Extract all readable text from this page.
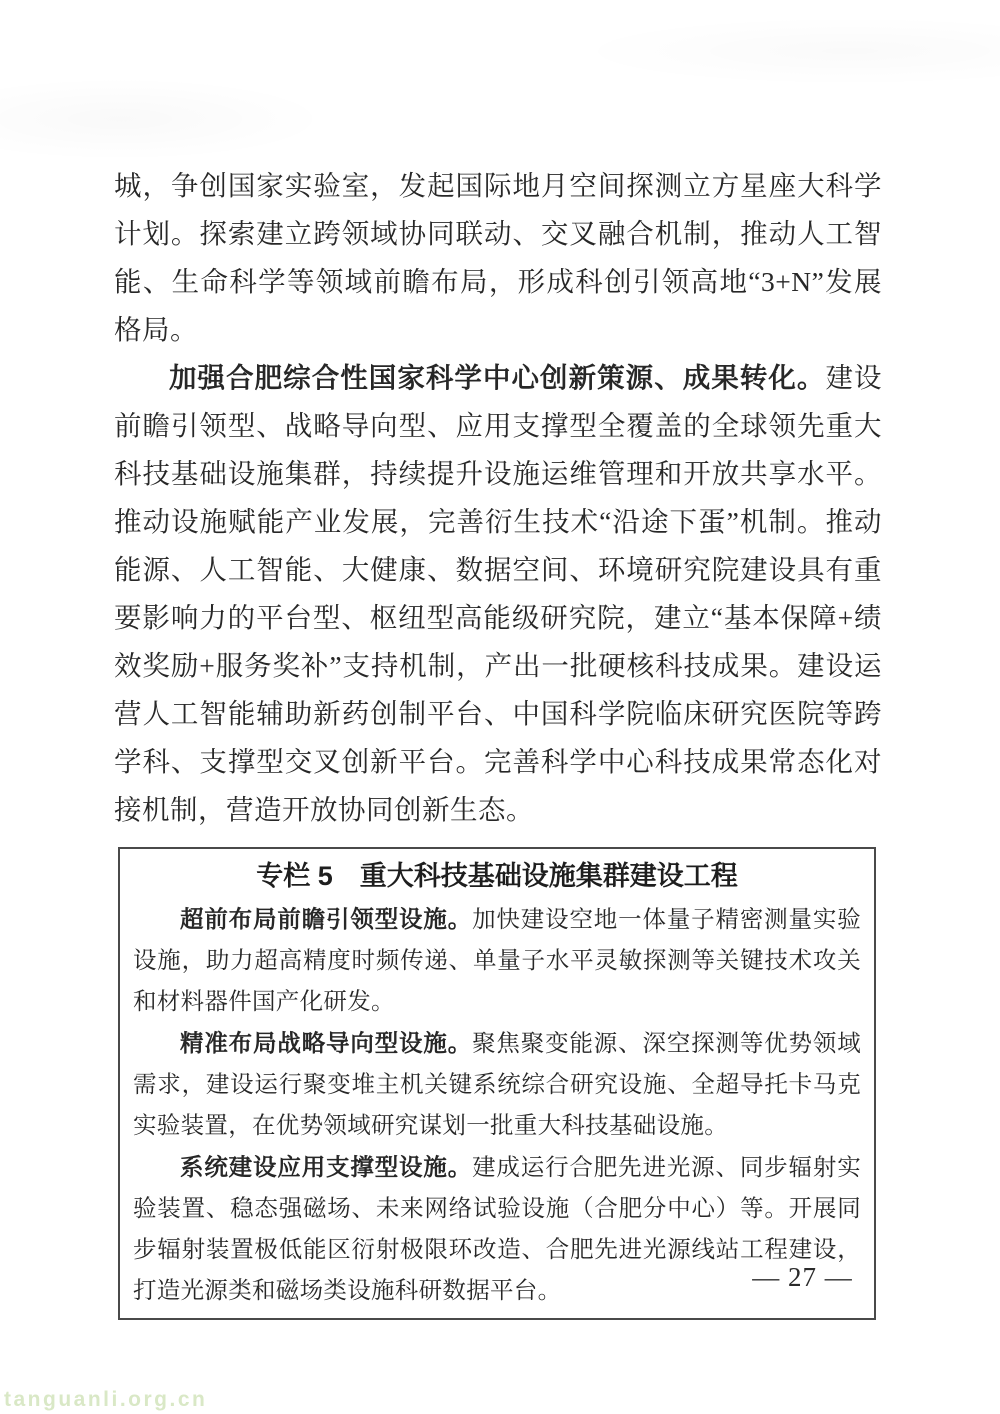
城，争创国家实验室，发起国际地月空间探测立方星座大科学计划。探索建立跨领域协同联动、交叉融合机制，推动人工智能、生命科学等领域前瞻布局，形成科创引领高地“3+N”发展格局。

加强合肥综合性国家科学中心创新策源、成果转化。建设前瞻引领型、战略导向型、应用支撑型全覆盖的全球领先重大科技基础设施集群，持续提升设施运维管理和开放共享水平。推动设施赋能产业发展，完善衍生技术“沿途下蛋”机制。推动能源、人工智能、大健康、数据空间、环境研究院建设具有重要影响力的平台型、枢纽型高能级研究院，建立“基本保障+绩效奖励+服务奖补”支持机制，产出一批硬核科技成果。建设运营人工智能辅助新药创制平台、中国科学院临床研究医院等跨学科、支撑型交叉创新平台。完善科学中心科技成果常态化对接机制，营造开放协同创新生态。

专栏 5　重大科技基础设施集群建设工程

超前布局前瞻引领型设施。加快建设空地一体量子精密测量实验设施，助力超高精度时频传递、单量子水平灵敏探测等关键技术攻关和材料器件国产化研发。

精准布局战略导向型设施。聚焦聚变能源、深空探测等优势领域需求，建设运行聚变堆主机关键系统综合研究设施、全超导托卡马克实验装置，在优势领域研究谋划一批重大科技基础设施。

系统建设应用支撑型设施。建成运行合肥先进光源、同步辐射实验装置、稳态强磁场、未来网络试验设施（合肥分中心）等。开展同步辐射装置极低能区衍射极限环改造、合肥先进光源线站工程建设，打造光源类和磁场类设施科研数据平台。	— 27 —
tanguanli.org.cn
